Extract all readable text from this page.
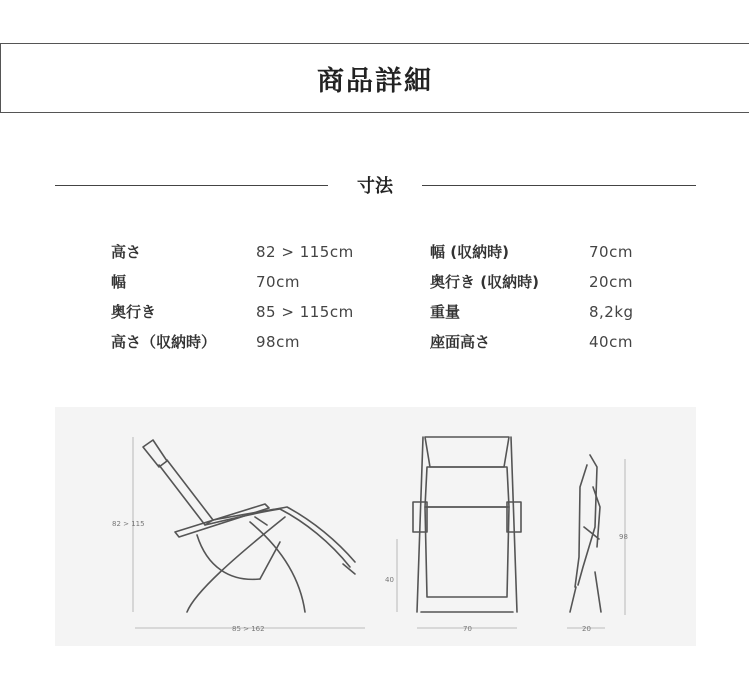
商品詳細
寸法
高さ	82 > 115cm	幅 (収納時)	70cm
幅	70cm	奥行き (収納時)	20cm
奥行き	85 > 115cm	重量	8,2kg
高さ（収納時）	98cm	座面高さ	40cm
82 > 115
85 > 162
40
70
98
20
